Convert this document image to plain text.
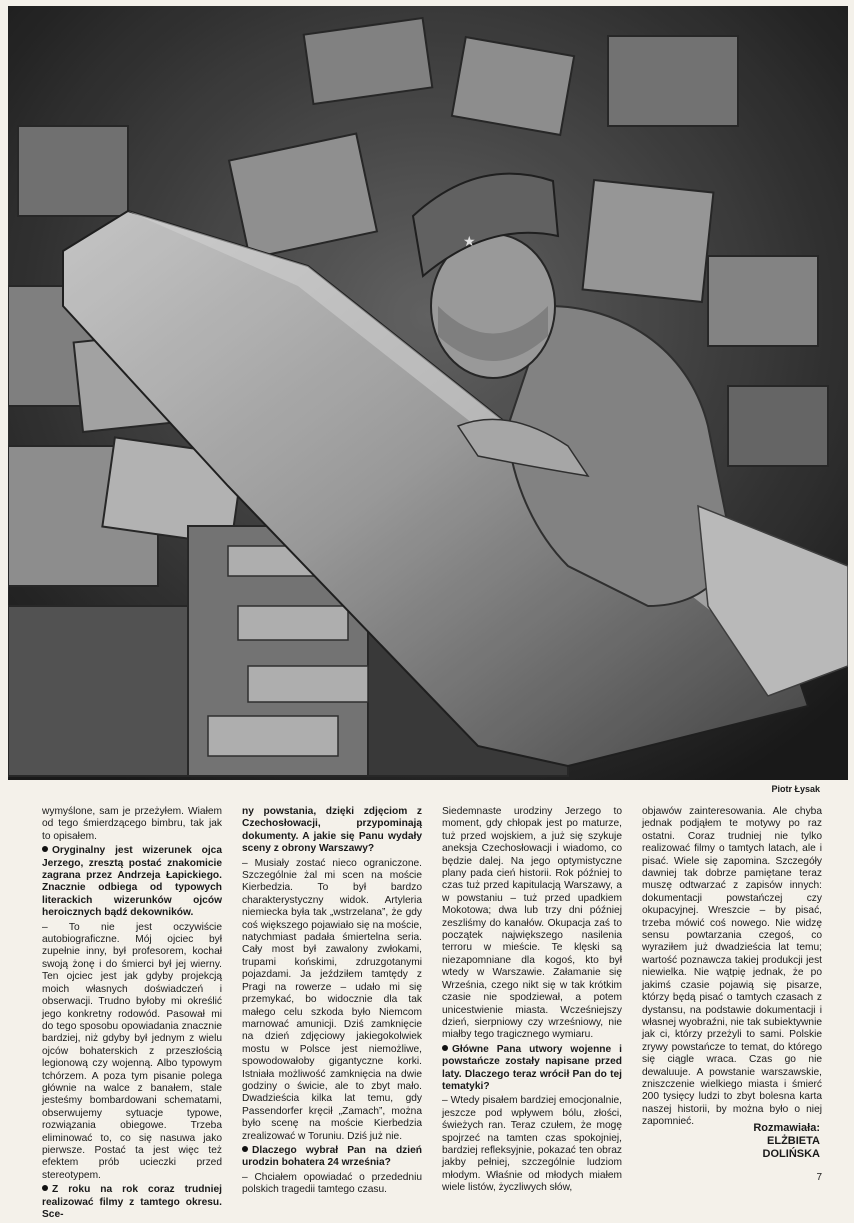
★
Piotr Łysak

wymyślone, sam je przeżyłem. Wiałem od tego śmierdzącego bimbru, tak jak to opisałem.

Oryginalny jest wizerunek ojca Jerzego, zresztą postać znakomicie zagrana przez Andrzeja Łapickiego. Znacznie odbiega od typowych literackich wizerunków ojców heroicznych bądź dekowników.

– To nie jest oczywiście autobiograficzne. Mój ojciec był zupełnie inny, był profesorem, kochał swoją żonę i do śmierci był jej wierny. Ten ojciec jest jak gdyby projekcją moich własnych doświadczeń i obserwacji. Trudno byłoby mi określić jego konkretny rodowód. Pasował mi do tego sposobu opowiadania znacznie bardziej, niż gdyby był jednym z wielu ojców bohaterskich z przeszłością legionową czy wojenną. Albo typowym tchórzem. A poza tym pisanie polega głównie na walce z banałem, stale jesteśmy bombardowani schematami, obserwujemy sytuacje typowe, rozwiązania obiegowe. Trzeba eliminować to, co się nasuwa jako pierwsze. Postać ta jest więc też efektem prób ucieczki przed stereotypem.

Z roku na rok coraz trudniej realizować filmy z tamtego okresu. Sce-

ny powstania, dzięki zdjęciom z Czechosłowacji, przypominają dokumenty. A jakie się Panu wydały sceny z obrony Warszawy?

– Musiały zostać nieco ograniczone. Szczególnie żal mi scen na moście Kierbedzia. To był bardzo charakterystyczny widok. Artyleria niemiecka była tak „wstrzelana”, że gdy coś większego pojawiało się na moście, natychmiast padała śmiertelna seria. Cały most był zawalony zwłokami, trupami końskimi, zdruzgotanymi pojazdami. Ja jeździłem tamtędy z Pragi na rowerze – udało mi się przemykać, bo widocznie dla tak małego celu szkoda było Niemcom marnować amunicji. Dziś zamknięcie na dzień zdjęciowy jakiegokolwiek mostu w Polsce jest niemożliwe, spowodowałoby gigantyczne korki. Istniała możliwość zamknięcia na dwie godziny o świcie, ale to zbyt mało. Dwadzieścia kilka lat temu, gdy Passendorfer kręcił „Zamach”, można było scenę na moście Kierbedzia zrealizować w Toruniu. Dziś już nie.

Dlaczego wybrał Pan na dzień urodzin bohatera 24 września?

– Chciałem opowiadać o przededniu polskich tragedii tamtego czasu.

Siedemnaste urodziny Jerzego to moment, gdy chłopak jest po maturze, tuż przed wojskiem, a już się szykuje aneksja Czechosłowacji i wiadomo, co będzie dalej. Na jego optymistyczne plany pada cień historii. Rok później to czas tuż przed kapitulacją Warszawy, a w powstaniu – tuż przed upadkiem Mokotowa; dwa lub trzy dni później zeszliśmy do kanałów. Okupacja zaś to początek największego nasilenia terroru w mieście. Te klęski są niezapomniane dla kogoś, kto był wtedy w Warszawie. Załamanie się Września, czego nikt się w tak krótkim czasie nie spodziewał, a potem unicestwienie miasta. Wcześniejszy dzień, sierpniowy czy wrześniowy, nie miałby tego tragicznego wymiaru.

Główne Pana utwory wojenne i powstańcze zostały napisane przed laty. Dlaczego teraz wrócił Pan do tej tematyki?

– Wtedy pisałem bardziej emocjonalnie, jeszcze pod wpływem bólu, złości, świeżych ran. Teraz czułem, że mogę spojrzeć na tamten czas spokojniej, bardziej refleksyjnie, pokazać ten obraz jakby pełniej, szczególnie ludziom młodym. Właśnie od młodych miałem wiele listów, życzliwych słów,

objawów zainteresowania. Ale chyba jednak podjąłem te motywy po raz ostatni. Coraz trudniej nie tylko realizować filmy o tamtych latach, ale i pisać. Wiele się zapomina. Szczegóły dawniej tak dobrze pamiętane teraz muszę odtwarzać z zapisów innych: dokumentacji powstańczej czy okupacyjnej. Wreszcie – by pisać, trzeba mówić coś nowego. Nie widzę sensu powtarzania czegoś, co wyraziłem już dwadzieścia lat temu; wartość poznawcza takiej produkcji jest niewielka. Nie wątpię jednak, że po jakimś czasie pojawią się pisarze, którzy będą pisać o tamtych czasach z dystansu, na podstawie dokumentacji i własnej wyobraźni, nie tak subiektywnie jak ci, którzy przeżyli to sami. Polskie zrywy powstańcze to temat, do którego się ciągle wraca. Czas go nie dewaluuje. A powstanie warszawskie, zniszczenie wielkiego miasta i śmierć 200 tysięcy ludzi to zbyt bolesna karta naszej historii, by można było o niej zapomnieć.

Rozmawiała:
ELŻBIETA
DOLIŃSKA
7
